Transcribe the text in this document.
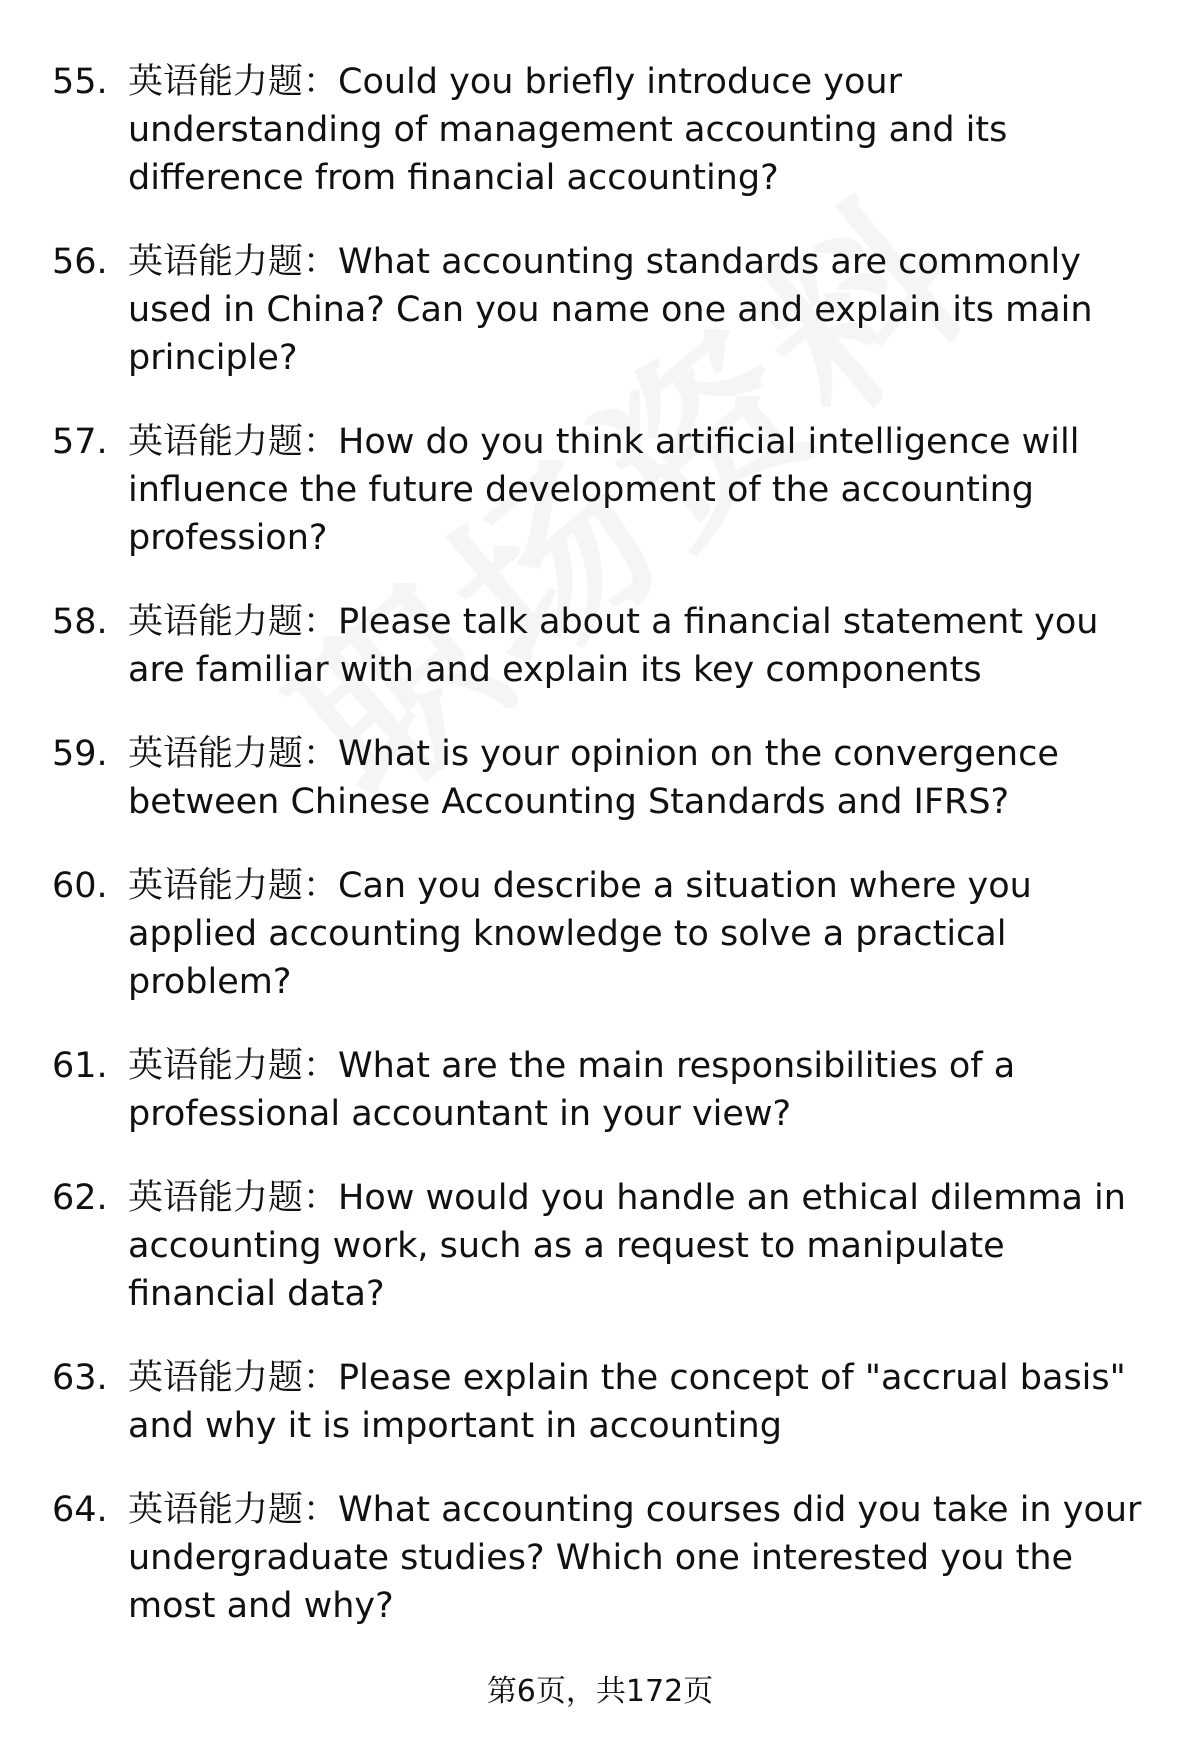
55. 英语能力题：Could you briefly introduce your understanding of management accounting and its difference from financial accounting?
56. 英语能力题：What accounting standards are commonly used in China? Can you name one and explain its main principle?
57. 英语能力题：How do you think artificial intelligence will influence the future development of the accounting profession?
58. 英语能力题：Please talk about a financial statement you are familiar with and explain its key components
59. 英语能力题：What is your opinion on the convergence between Chinese Accounting Standards and IFRS?
60. 英语能力题：Can you describe a situation where you applied accounting knowledge to solve a practical problem?
61. 英语能力题：What are the main responsibilities of a professional accountant in your view?
62. 英语能力题：How would you handle an ethical dilemma in accounting work, such as a request to manipulate financial data?
63. 英语能力题：Please explain the concept of "accrual basis" and why it is important in accounting
64. 英语能力题：What accounting courses did you take in your undergraduate studies? Which one interested you the most and why?
第6页，共172页
